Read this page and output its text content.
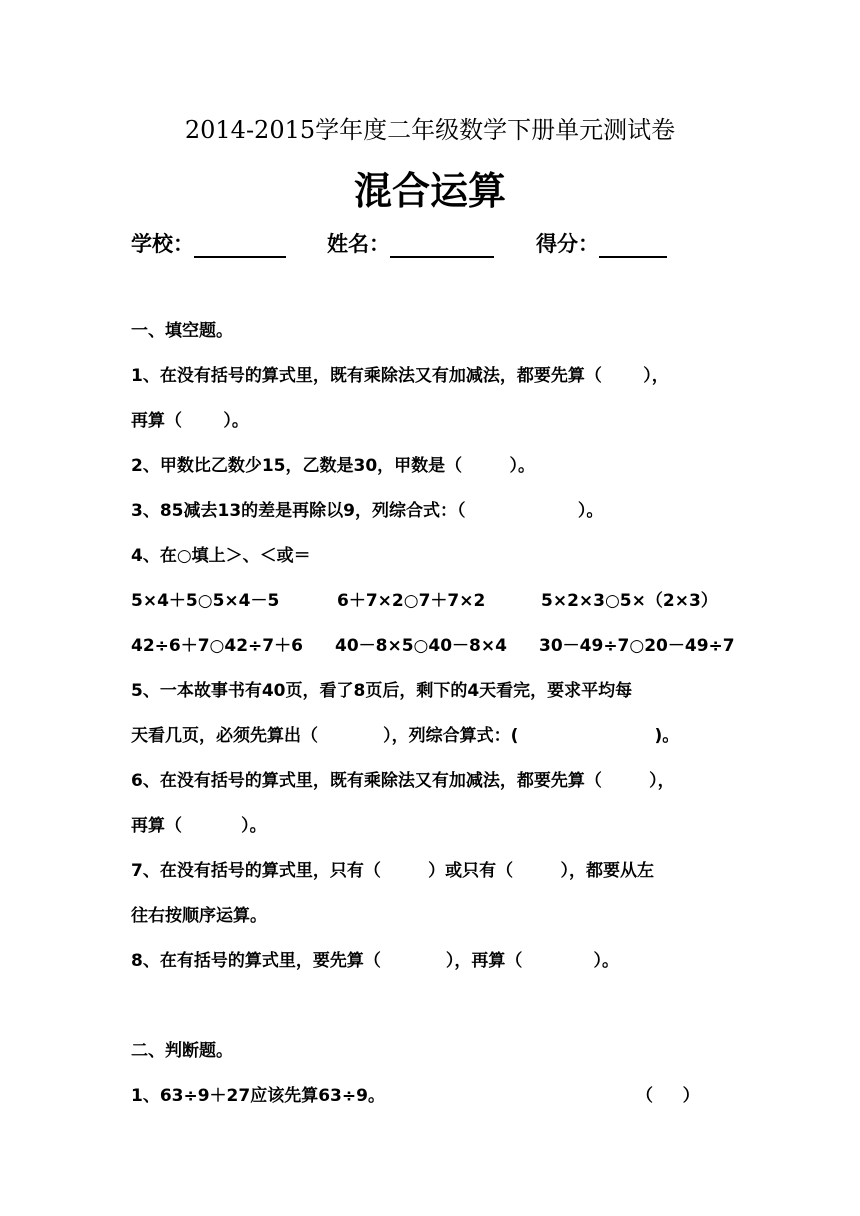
2014-2015学年度二年级数学下册单元测试卷
混合运算
学校：	姓名：	得分：
一、填空题。
1、在没有括号的算式里，既有乘除法又有加减法，都要先算（       ），
再算（       ）。
2、甲数比乙数少15，乙数是30，甲数是（        ）。
3、85减去13的差是再除以9，列综合式：（                   ）。
4、在○填上＞、＜或＝
5×4＋5○5×4－5	6＋7×2○7＋7×2	5×2×3○5×（2×3）
42÷6＋7○42÷7＋6 40－8×5○40－8×4 30－49÷7○20－49÷7
5、一本故事书有40页，看了8页后，剩下的4天看完，要求平均每
天看几页，必须先算出（           ），列综合算式：(                       )。
6、在没有括号的算式里，既有乘除法又有加减法，都要先算（        ），
再算（          ）。
7、在没有括号的算式里，只有（        ）或只有（        ），都要从左
往右按顺序运算。
8、在有括号的算式里，要先算（           ），再算（            ）。
二、判断题。
1、63÷9＋27应该先算63÷9。	（     ）
